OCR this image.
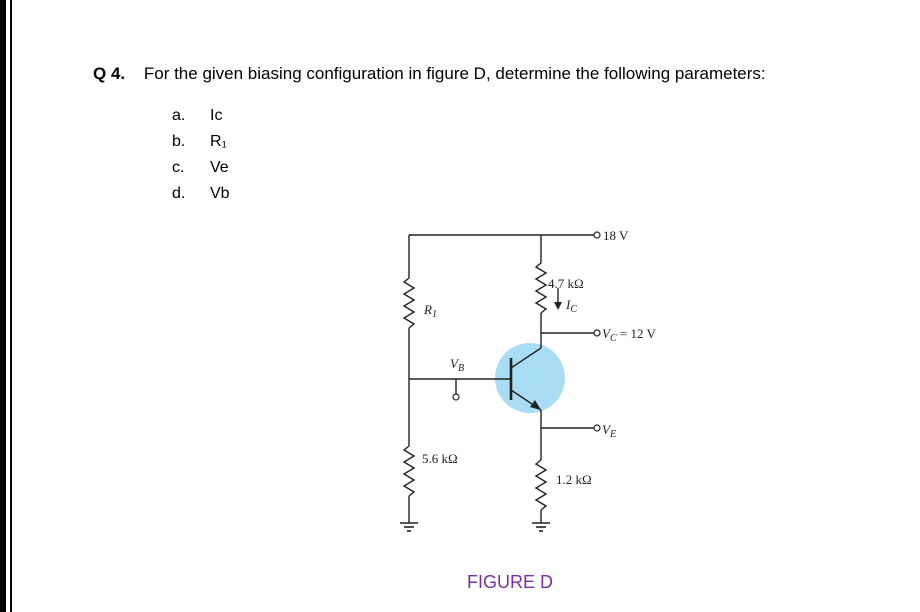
Q 4. For the given biasing configuration in figure D, determine the following parameters:
a. Ic
b. R₁
c. Ve
d. Vb
18 V
4.7 kΩ
IC
VC = 12 V
R1
VB
VE
5.6 kΩ
1.2 kΩ
FIGURE D
